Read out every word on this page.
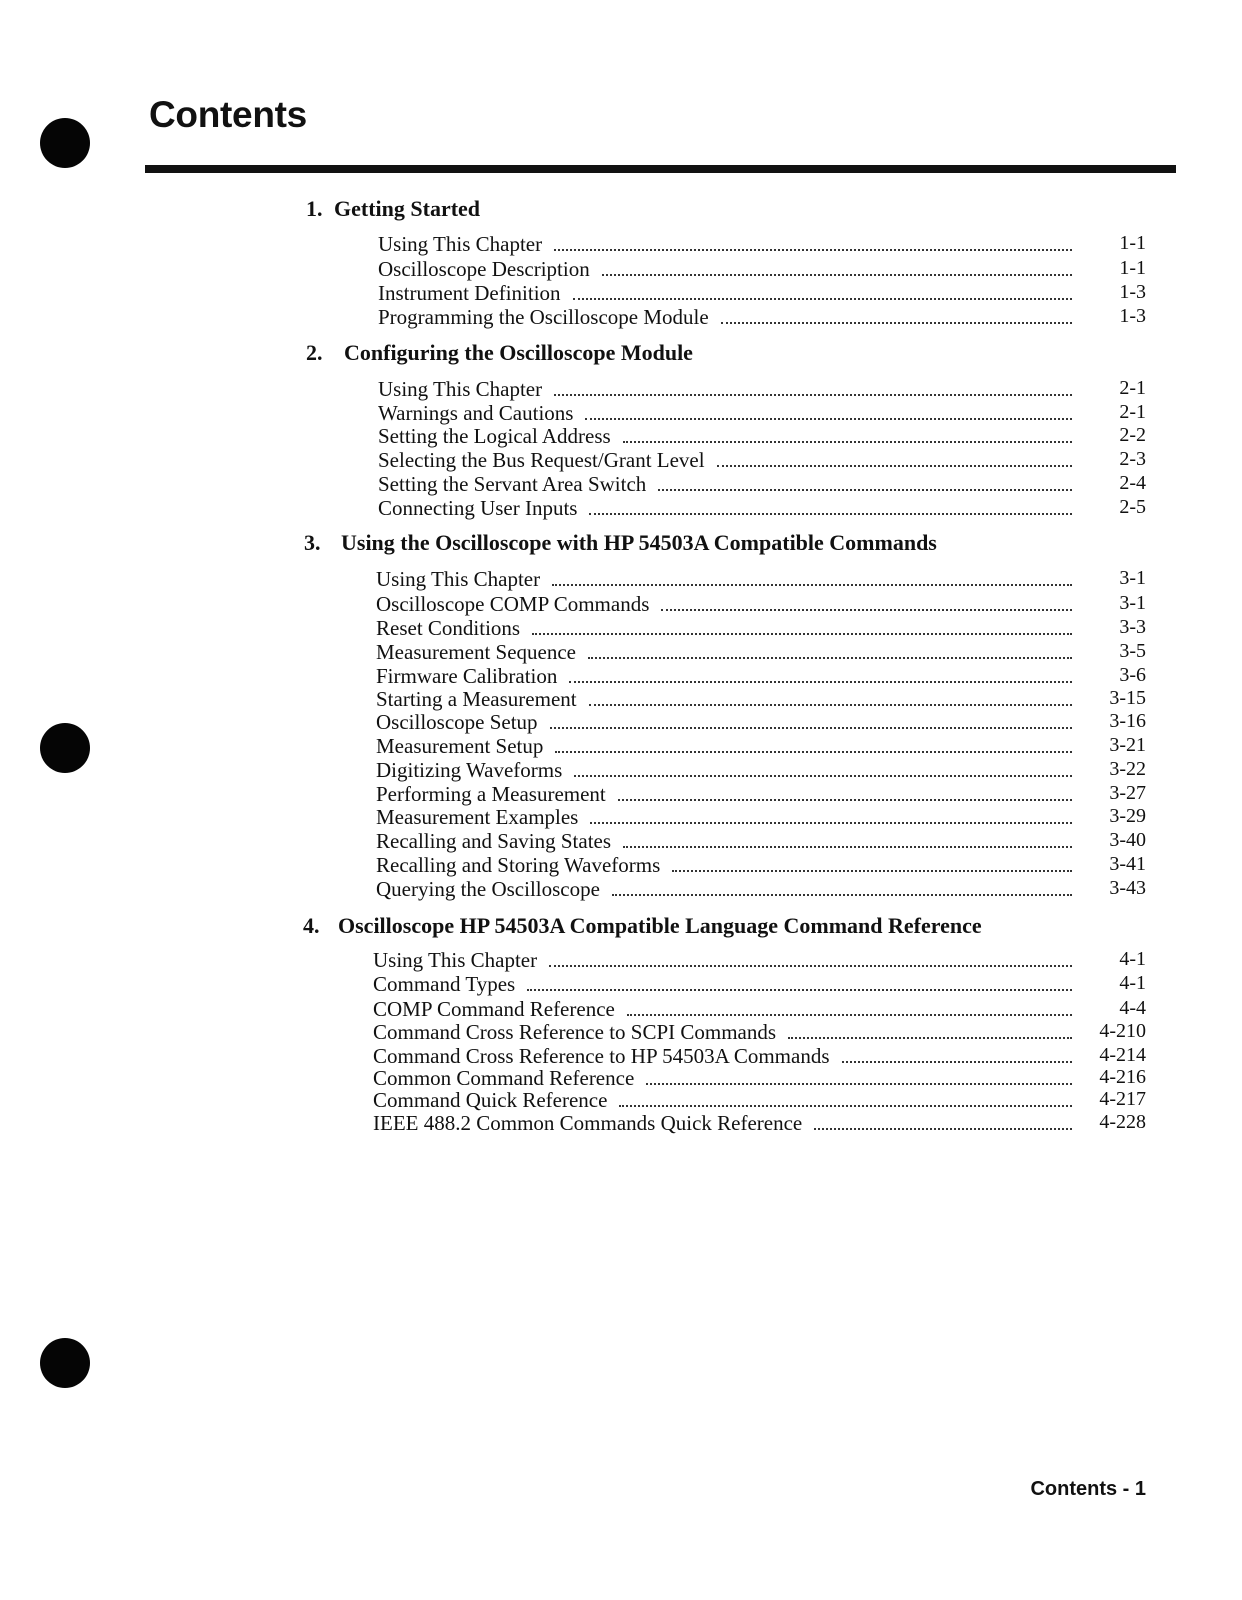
Contents
1. Getting Started
Using This Chapter	1-1
Oscilloscope Description	1-1
Instrument Definition	1-3
Programming the Oscilloscope Module	1-3
2. Configuring the Oscilloscope Module
Using This Chapter	2-1
Warnings and Cautions	2-1
Setting the Logical Address	2-2
Selecting the Bus Request/Grant Level	2-3
Setting the Servant Area Switch	2-4
Connecting User Inputs	2-5
3. Using the Oscilloscope with HP 54503A Compatible Commands
Using This Chapter	3-1
Oscilloscope COMP Commands	3-1
Reset Conditions	3-3
Measurement Sequence	3-5
Firmware Calibration	3-6
Starting a Measurement	3-15
Oscilloscope Setup	3-16
Measurement Setup	3-21
Digitizing Waveforms	3-22
Performing a Measurement	3-27
Measurement Examples	3-29
Recalling and Saving States	3-40
Recalling and Storing Waveforms	3-41
Querying the Oscilloscope	3-43
4. Oscilloscope HP 54503A Compatible Language Command Reference
Using This Chapter	4-1
Command Types	4-1
COMP Command Reference	4-4
Command Cross Reference to SCPI Commands	4-210
Command Cross Reference to HP 54503A Commands	4-214
Common Command Reference	4-216
Command Quick Reference	4-217
IEEE 488.2 Common Commands Quick Reference	4-228
Contents - 1
